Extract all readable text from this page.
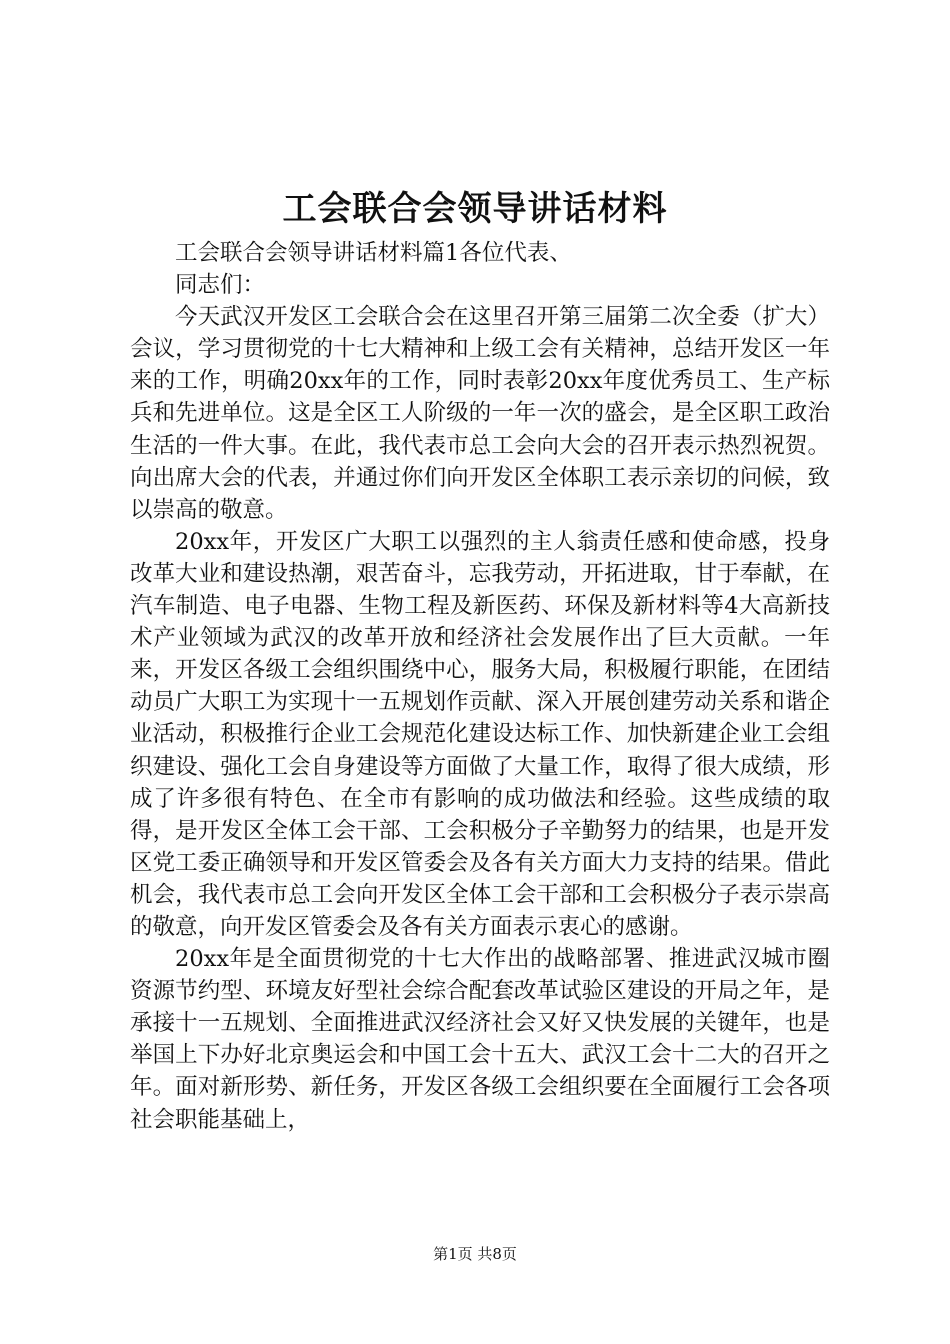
工会联合会领导讲话材料

工会联合会领导讲话材料篇1各位代表、

同志们：

今天武汉开发区工会联合会在这里召开第三届第二次全委（扩大）会议，学习贯彻党的十七大精神和上级工会有关精神，总结开发区一年来的工作，明确20xx年的工作，同时表彰20xx年度优秀员工、生产标兵和先进单位。这是全区工人阶级的一年一次的盛会，是全区职工政治生活的一件大事。在此，我代表市总工会向大会的召开表示热烈祝贺。向出席大会的代表，并通过你们向开发区全体职工表示亲切的问候，致以崇高的敬意。

20xx年，开发区广大职工以强烈的主人翁责任感和使命感，投身改革大业和建设热潮，艰苦奋斗，忘我劳动，开拓进取，甘于奉献，在汽车制造、电子电器、生物工程及新医药、环保及新材料等4大高新技术产业领域为武汉的改革开放和经济社会发展作出了巨大贡献。一年来，开发区各级工会组织围绕中心，服务大局，积极履行职能，在团结动员广大职工为实现十一五规划作贡献、深入开展创建劳动关系和谐企业活动，积极推行企业工会规范化建设达标工作、加快新建企业工会组织建设、强化工会自身建设等方面做了大量工作，取得了很大成绩，形成了许多很有特色、在全市有影响的成功做法和经验。这些成绩的取得，是开发区全体工会干部、工会积极分子辛勤努力的结果，也是开发区党工委正确领导和开发区管委会及各有关方面大力支持的结果。借此机会，我代表市总工会向开发区全体工会干部和工会积极分子表示崇高的敬意，向开发区管委会及各有关方面表示衷心的感谢。

20xx年是全面贯彻党的十七大作出的战略部署、推进武汉城市圈资源节约型、环境友好型社会综合配套改革试验区建设的开局之年，是承接十一五规划、全面推进武汉经济社会又好又快发展的关键年，也是举国上下办好北京奥运会和中国工会十五大、武汉工会十二大的召开之年。面对新形势、新任务，开发区各级工会组织要在全面履行工会各项社会职能基础上，

第1页 共8页
